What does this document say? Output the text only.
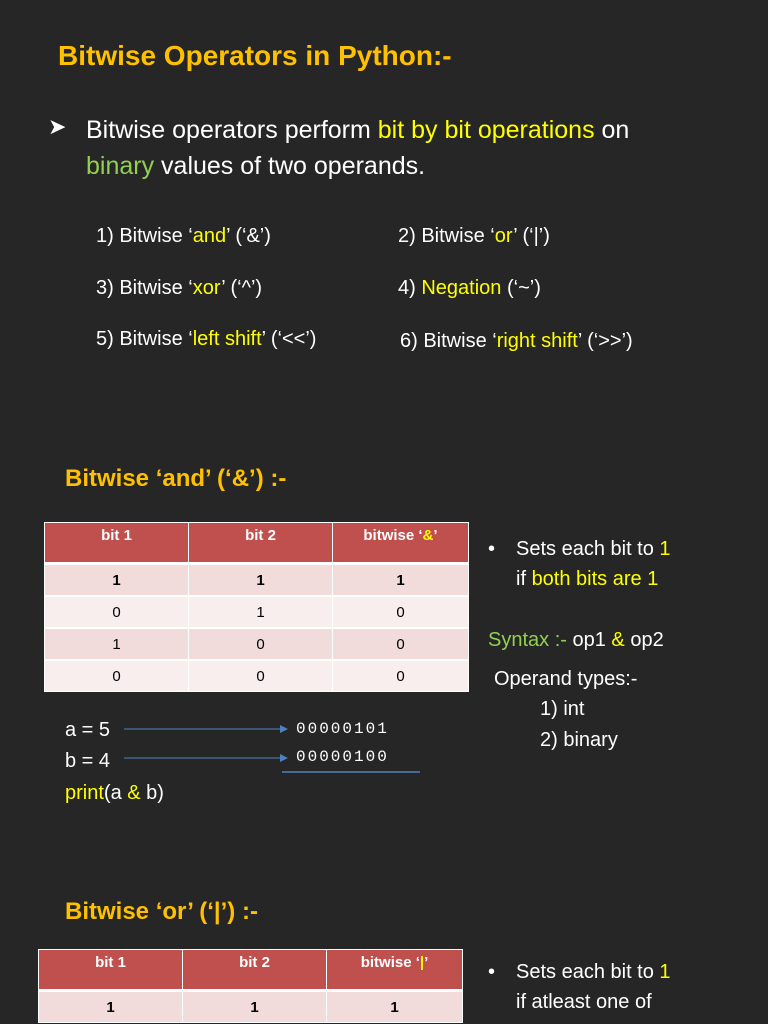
Bitwise Operators in Python:-
➤ Bitwise operators perform bit by bit operations on
binary values of two operands.
1) Bitwise ‘and’ (‘&’)	2) Bitwise ‘or’ (‘|’)
3) Bitwise ‘xor’ (‘^’)	4) Negation (‘~’)
5) Bitwise ‘left shift’ (‘<<’)	6) Bitwise ‘right shift’ (‘>>’)
Bitwise ‘and’ (‘&’) :-
bit 1	bit 2	bitwise ‘&’
1	1	1
0	1	0
1	0	0
0	0	0
• Sets each bit to 1
if both bits are 1
Syntax :- op1 & op2
Operand types:-
1) int
2) binary
a = 5
b = 4
print(a & b)
00000101
00000100
Bitwise ‘or’ (‘|’) :-
bit 1	bit 2	bitwise ‘|’
1	1	1
• Sets each bit to 1
if atleast one of
